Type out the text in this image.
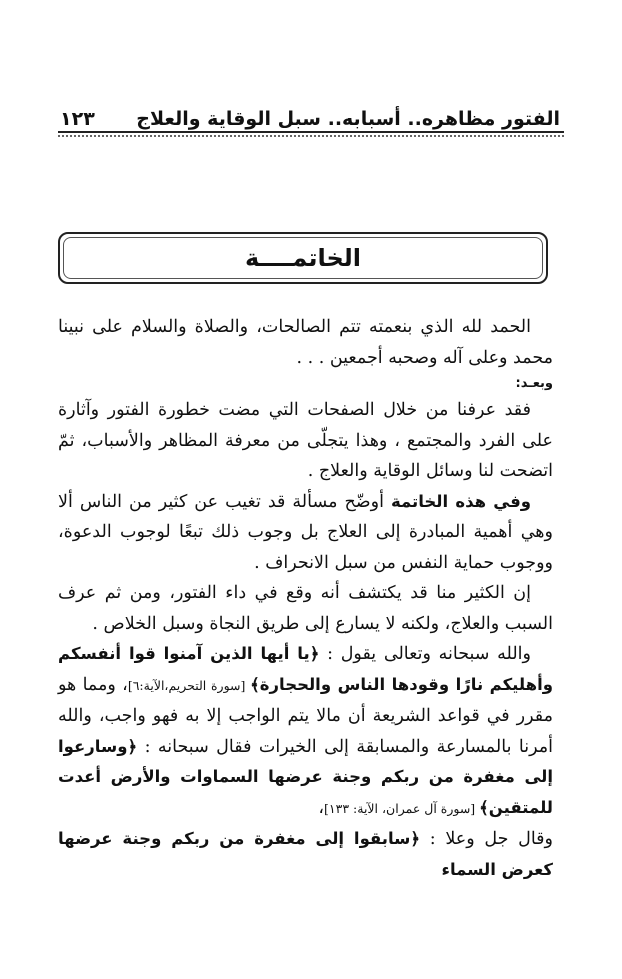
١٢٣ الفتور مظاهره.. أسبابه.. سبل الوقاية والعلاج
الخاتمــــة

الحمد لله الذي بنعمته تتم الصالحات، والصلاة والسلام على نبينا محمد وعلى آله وصحبه أجمعين . . .

وبعـد:

فقد عرفنا من خلال الصفحات التي مضت خطورة الفتور وآثارة على الفرد والمجتمع ، وهذا يتجلّى من معرفة المظاهر والأسباب، ثمّ اتضحت لنا وسائل الوقاية والعلاج .

وفي هذه الخاتمة أوضّح مسألة قد تغيب عن كثير من الناس ألا وهي أهمية المبادرة إلى العلاج بل وجوب ذلك تبعًا لوجوب الدعوة، ووجوب حماية النفس من سبل الانحراف .

إن الكثير منا قد يكتشف أنه وقع في داء الفتور، ومن ثم عرف السبب والعلاج، ولكنه لا يسارع إلى طريق النجاة وسبل الخلاص .

والله سبحانه وتعالى يقول : ﴿يا أيها الذين آمنوا قوا أنفسكم وأهليكم نارًا وقودها الناس والحجارة﴾ [سورة التحريم،الآية:٦]، ومما هو مقرر في قواعد الشريعة أن مالا يتم الواجب إلا به فهو واجب، والله أمرنا بالمسارعة والمسابقة إلى الخيرات فقال سبحانه : ﴿وسارعوا إلى مغفرة من ربكم وجنة عرضها السماوات والأرض أعدت للمتقين﴾ [سورة آل عمران، الآية: ١٣٣]،

وقال جل وعلا : ﴿سابقوا إلى مغفرة من ربكم وجنة عرضها كعرض السماء
